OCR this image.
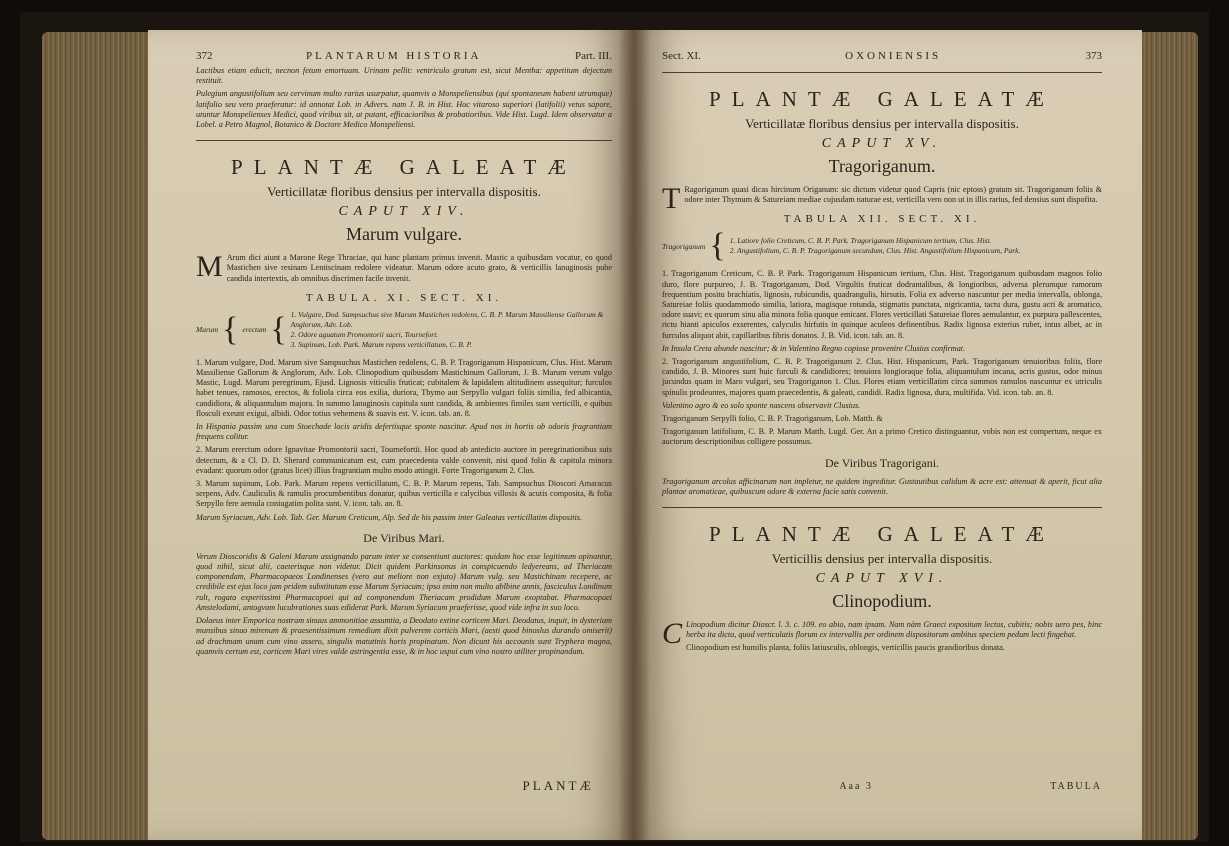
372	PLANTARUM HISTORIA	Part. III.

Lactibus etiam educit, necnon fetum emortuum. Urinam pellit: ventriculo gratum est, sicut Mentha: appetitum dejectum restituit.

Pulegium angustifolium seu cervinum multo rarius usurpatur, quamvis a Monspeliensibus (qui spontaneum habent utrumque) latifolio seu vero praeferatur: id annotat Lob. in Advers. nam J. B. in Hist. Hoc vitaroso superiori (latifolii) vetus sapore, utuntur Monspelienses Medici, quod viribus sit, ut putant, efficacioribus & probatioribus. Vide Hist. Lugd. Idem observatur a Lobel. a Petro Magnol, Botanico & Doctore Medico Monspeliensi.

PLANTÆ GALEATÆ
Verticillatæ floribus densius per intervalla dispositis.
CAPUT XIV.
Marum vulgare.

M Arum dici aiunt a Marone Rege Thraciae, qui hanc plantam primus invenit. Mastic a quibusdam vocatur, eo quod Mastichen sive resinam Lentiscinam redolere videatur. Marum odore acuto grato, & verticillis lanuginosis pube candida intertextis, ab omnibus discrimen facile invenit.

TABULA. XI. SECT. XI.
Marum { erectum { 1. Vulgare, Dod. Sampsuchus sive Marum Mastichen redolens, C. B. P. Marum Massiliense Gallorum & Anglorum, Adv. Lob.
2. Odore aguatum Promontorii sacri, Tournefort.
3. Supinum, Lob. Park. Marum repens verticillatum, C. B. P.

1. Marum vulgare, Dod. Marum sive Sampsuchus Mastichen redolens, C. B. P. Tragoriganum Hispanicum, Clus. Hist. Marum Massiliense Gallorum & Anglorum, Adv. Lob. Clinopodium quibusdam Mastichinum Gallorum, J. B. Marum verum vulgo Mastic, Lugd. Marum peregrinum, Ejusd. Lignosis viticulis fruticat; cubitalem & lapidalem altitudinem assequitur; furculos habet tenues, ramosos, erectos, & foliola circa eos exilia, duriora, Thymo aut Serpyllo vulgari foliis similia, fed albicantia, candidiora, & aliquantulum majora. In summo lanuginosis capitula sunt candida, & ambientes fimiles sunt verticilli, e quibus flosculi exeunt exigui, albidi. Odor totius vehemens & suavis est. V. icon. tab. an. 8.

In Hispania passim una cum Stoechade locis aridis defertisque sponte nascitur. Apud nos in hortis ob odoris fragrantiam frequens colitur.

2. Marum ererctum odore Ignavitae Promontorii sacri, Tournefortii. Hoc quod ab antedicto auctore in peregrinationibus suis detectum, & a Cl. D. D. Sherard communicatum est, cum praecedenta valde convenit, nisi quod folio & capitula minora evadant: quorum odor (gratus licet) illius fragrantiam multo modo attingit. Forte Tragoriganum 2. Clus.

3. Marum supinum, Lob. Park. Marum repens verticillatum, C. B. P. Marum repens, Tab. Sampsuchus Dioscori Amaracus serpens, Adv. Cauliculis & ramulis procumbentibus donatur, quibus verticilla e calycibus villosis & acutis composita, & folia Serpyllo fere aemula coniugatim polita sunt. V. icon. tab. an. 8.

Marum Syriacum, Adv. Lob. Tab. Ger. Marum Creticum, Alp. Sed de his passim inter Galeatas verticillatim dispositis.

De Viribus Mari.

Verum Dioscoridis & Galeni Marum assignando parum inter se consentiunt auctores: quidam hoc esse legitimum opinantur, quod nihil, sicut alii, caeterisque non videtur. Dicit quidem Parkinsonus in conspicuendo ledyereans, ad Theriacam componendam, Pharmacopaeos Londinenses (vero aut meliore non exjuto) Marum vulg. seu Mastichinam recepere, ac credibile est ejus loco jam pridem substitutum esse Marum Syriacum; ipso enim non multo ablbine annis, fasciculus Londinum rult, rogata expertissimi Pharmacopoei qui ad componendum Theriacam prodidum Marum exoptabat. Pharmacopaei Amstelodami, antogvam lucubrationes suas ediderat Park. Marum Syriacum praeferisse, quod vide infra in suo loco.

Dolaeus inter Emporica nostram sinuus ammonitiae assumtia, a Deodato extine corticem Mari. Deodatus, inquit, in dysteriam munsibus sinuo mirenum & praesentissimum remedium dixit pulverem corticis Mari, (aesti quod binoslus durando omiserit) ad drachmam unam cum vino assero, singulis matutinis horis propinatum. Non dicunt his accounis sunt Tryphera magna, quamvis certum est, corticem Mari vires valde astringentia esse, & in hoc uspui cum vino nostro utiliter propinandum.

PLANTÆ
Sect. XI.	OXONIENSIS	373
PLANTÆ GALEATÆ
Verticillatæ floribus densius per intervalla dispositis.
CAPUT XV.
Tragoriganum.

T Ragoriganum quasi dicas hircinum Origanum: sic dictum videtur quod Capris (nic eptoss) gratum sit. Tragoriganum foliis & odore inter Thymum & Satureiam mediae cujusdam naturae est, verticilla vero non ut in illis rarius, fed densius sunt dispofita.

TABULA XII. SECT. XI.
Tragoriganum { 1. Latiore folio Creticum, C. B. P. Park. Tragoriganum Hispanicum tertium, Clus. Hist.
2. Angustifolium, C. B. P. Tragoriganum secundum, Clus. Hist. Angustifolium Hispanicum, Park.

1. Tragoriganum Creticum, C. B. P. Park. Tragoriganum Hispanicum tertium, Clus. Hist. Tragoriganum quibusdam magnos folio duro, flore purpureo, J. B. Tragoriganum, Dod. Virgultis fruticat dodrantalibus, & longioribus, adversa plerumque ramorum frequentium positu brachiatis, lignosis, rubicundis, quadrangulis, hirsutis. Folia ex adverso nascuntur per media intervalla, oblonga, Satureiae foliis quodammodo similia, latiora, magisque rotunda, stigmatis punctata, nigricantia, tactu dura, gustu acri & aromatico, odore suavi; ex quorum sinu alia minora folia quoque emicant. Flores verticillati Satureiae flores aemulantur, ex purpura pallescentes, rictu hianti apiculos exserentes, calyculis hirfutis in quinque aculeos definentibus. Radix lignosa exterius rubet, intus albet, ac in furculos aliquot abit, capillaribus fibris donatos. J. B. Vid. icon. tab. an. 8.

In Insula Creta abunde nascitur; & in Valentino Regno copiose provenire Clusius confirmat.

2. Tragoriganum angustifolium, C. B. P. Tragoriganum 2. Clus. Hist. Hispanicum, Park. Tragoriganum tenuioribus foliis, flore candido, J. B. Minores sunt huic furculi & candidiores; tenuiora longioraque folia, aliquantulum incana, acris gustus, odor minus jucundus quam in Maro vulgari, seu Tragoriganon 1. Clus. Flores etiam verticillatim circa summos ramulos nascuntur ex utriculis spinulis prodeuntes, majores quam praecedentis, & galeati, candidi. Radix lignosa, dura, multifida. Vid. icon. tab. an. 8.

Valentino agro & eo solo sponte nascens observavit Clusius.

Tragoriganum Serpylli folio, C. B. P. Tragoriganum, Lob. Matth. &

Tragoriganum latifolium, C. B. P. Marum Matth. Lugd. Ger. An a primo Cretico distinguantur, vobis non est compertum, neque ex auctorum descriptionibus colligere possumus.

De Viribus Tragorigani.

Tragoriganum arcolus afficinarum non impletur, ne quidem ingreditur. Gustautibus calidum & acre est: attenuat & aperit, ficut alia plantae aromaticae, quibuscum odore & externa facie satis convenit.

PLANTÆ GALEATÆ
Verticillis densius per intervalla dispositis.
CAPUT XVI.
Clinopodium.

C Linopodium dicitur Dioscr. l. 3. c. 109. eo abio, nam ipsam. Nam nàm Graeci expositum lectus, cubitis; nobis uero pes, hinc herba ita dicta, quod verticulatis florum ex intervallis per ordinem dispositorum ambitus speciem pedum lecti fingebat.

Clinopodium est humilis planta, foliis latiusculis, oblongis, verticillis paucis grandioribus donata.

Aaa 3	TABULA
